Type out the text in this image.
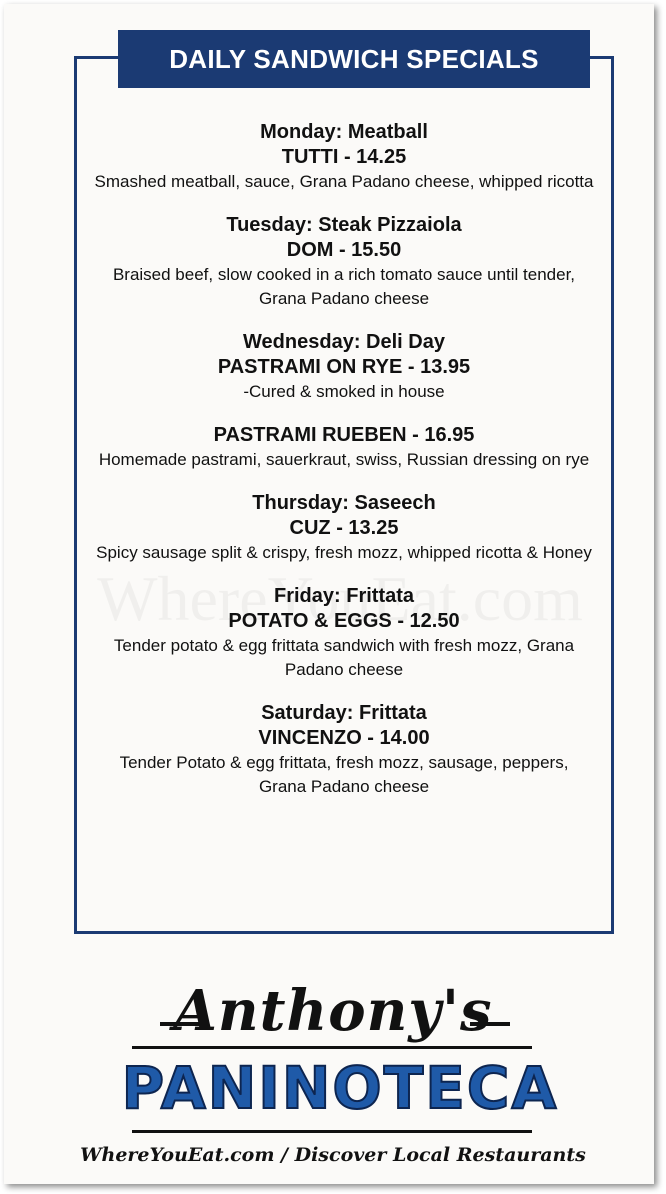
DAILY SANDWICH SPECIALS
Monday: Meatball
TUTTI - 14.25
Smashed meatball, sauce, Grana Padano cheese, whipped ricotta
Tuesday: Steak Pizzaiola
DOM - 15.50
Braised beef, slow cooked in a rich tomato sauce until tender, Grana Padano cheese
Wednesday: Deli Day
PASTRAMI ON RYE - 13.95
-Cured & smoked in house
PASTRAMI RUEBEN - 16.95
Homemade pastrami, sauerkraut, swiss, Russian dressing on rye
Thursday: Saseech
CUZ - 13.25
Spicy sausage split & crispy, fresh mozz, whipped ricotta & Honey
Friday: Frittata
POTATO & EGGS - 12.50
Tender potato & egg frittata sandwich with fresh mozz, Grana Padano cheese
Saturday: Frittata
VINCENZO - 14.00
Tender Potato & egg frittata, fresh mozz, sausage, peppers, Grana Padano cheese
Anthony's
PANINOTECA
WhereYouEat.com / Discover Local Restaurants
